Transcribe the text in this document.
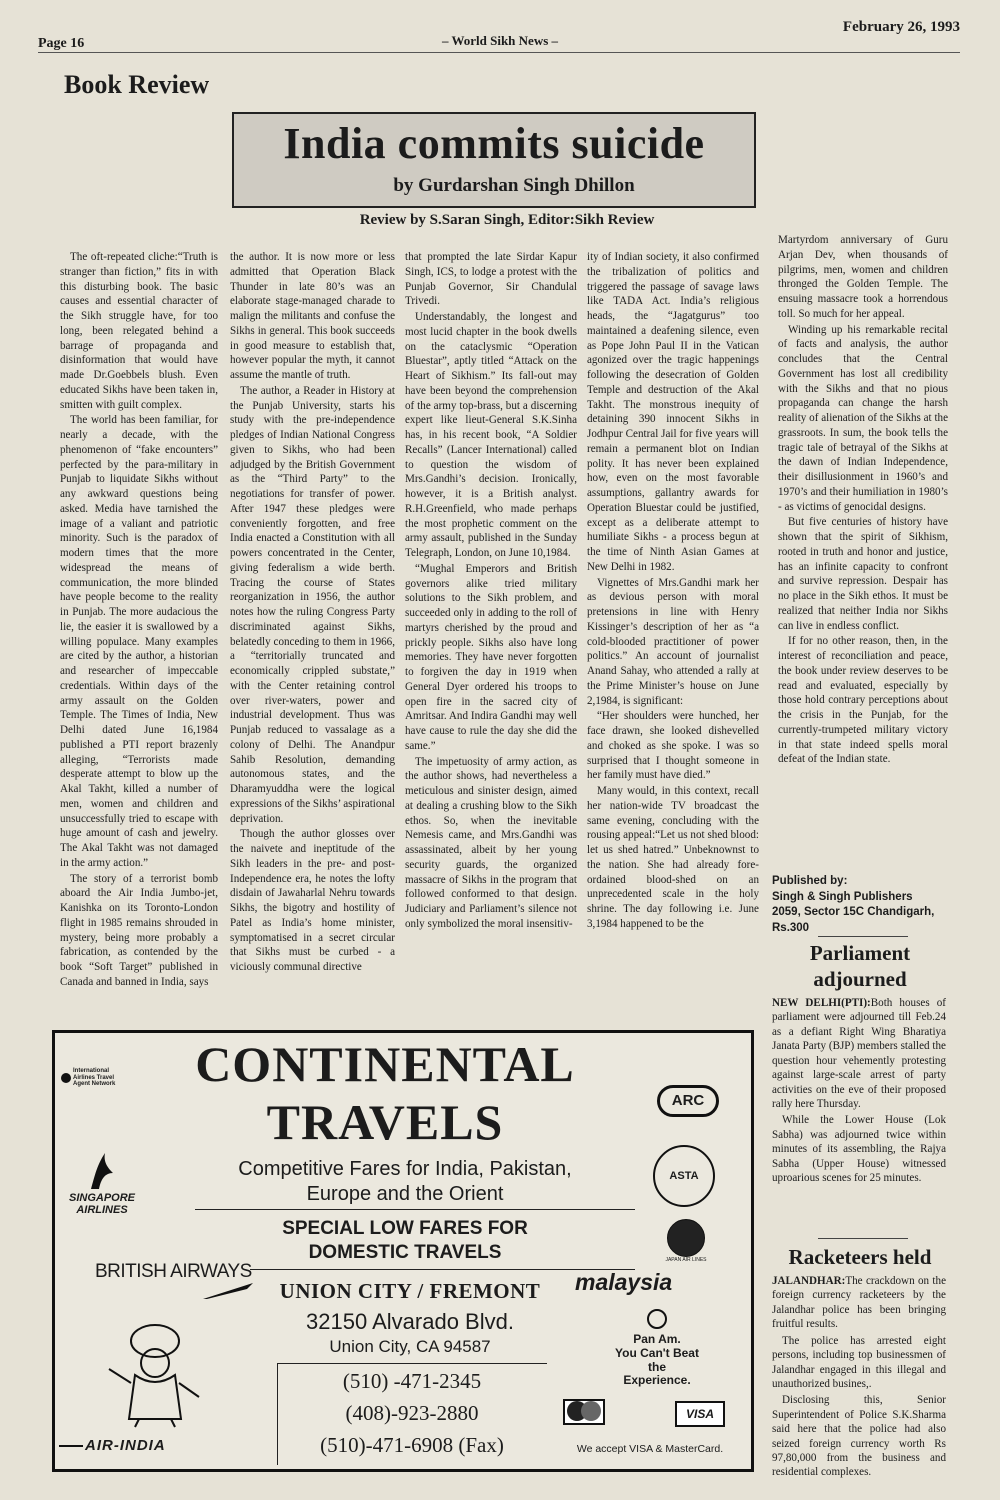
Page 16	– World Sikh News –
February 26, 1993
Book Review
India commits suicide
by Gurdarshan Singh Dhillon
Review by S.Saran Singh, Editor:Sikh Review

The oft-repeated cliche:“Truth is stranger than fiction,” fits in with this disturbing book. The basic causes and essential character of the Sikh struggle have, for too long, been relegated behind a barrage of propaganda and disinformation that would have made Dr.Goebbels blush. Even educated Sikhs have been taken in, smitten with guilt complex.

The world has been familiar, for nearly a decade, with the phenomenon of “fake encounters” perfected by the para-military in Punjab to liquidate Sikhs without any awkward questions being asked. Media have tarnished the image of a valiant and patriotic minority. Such is the paradox of modern times that the more widespread the means of communication, the more blinded have people become to the reality in Punjab. The more audacious the lie, the easier it is swallowed by a willing populace. Many examples are cited by the author, a historian and researcher of impeccable credentials. Within days of the army assault on the Golden Temple. The Times of India, New Delhi dated June 16,1984 published a PTI report brazenly alleging, “Terrorists made desperate attempt to blow up the Akal Takht, killed a number of men, women and children and unsuccessfully tried to escape with huge amount of cash and jewelry. The Akal Takht was not damaged in the army action.”

The story of a terrorist bomb aboard the Air India Jumbo-jet, Kanishka on its Toronto-London flight in 1985 remains shrouded in mystery, being more probably a fabrication, as contended by the book “Soft Target” published in Canada and banned in India, says

the author. It is now more or less admitted that Operation Black Thunder in late 80’s was an elaborate stage-managed charade to malign the militants and confuse the Sikhs in general. This book succeeds in good measure to establish that, however popular the myth, it cannot assume the mantle of truth.

The author, a Reader in History at the Punjab University, starts his study with the pre-independence pledges of Indian National Congress given to Sikhs, who had been adjudged by the British Government as the “Third Party” to the negotiations for transfer of power. After 1947 these pledges were conveniently forgotten, and free India enacted a Constitution with all powers concentrated in the Center, giving federalism a wide berth. Tracing the course of States reorganization in 1956, the author notes how the ruling Congress Party discriminated against Sikhs, belatedly conceding to them in 1966, a “territorially truncated and economically crippled substate,” with the Center retaining control over river-waters, power and industrial development. Thus was Punjab reduced to vassalage as a colony of Delhi. The Anandpur Sahib Resolution, demanding autonomous states, and the Dharamyuddha were the logical expressions of the Sikhs’ aspirational deprivation.

Though the author glosses over the naivete and ineptitude of the Sikh leaders in the pre- and post-Independence era, he notes the lofty disdain of Jawaharlal Nehru towards Sikhs, the bigotry and hostility of Patel as India’s home minister, symptomatised in a secret circular that Sikhs must be curbed - a viciously communal directive

that prompted the late Sirdar Kapur Singh, ICS, to lodge a protest with the Punjab Governor, Sir Chandulal Trivedi.

Understandably, the longest and most lucid chapter in the book dwells on the cataclysmic “Operation Bluestar”, aptly titled “Attack on the Heart of Sikhism.” Its fall-out may have been beyond the comprehension of the army top-brass, but a discerning expert like lieut-General S.K.Sinha has, in his recent book, “A Soldier Recalls” (Lancer International) called to question the wisdom of Mrs.Gandhi’s decision. Ironically, however, it is a British analyst. R.H.Greenfield, who made perhaps the most prophetic comment on the army assault, published in the Sunday Telegraph, London, on June 10,1984.

“Mughal Emperors and British governors alike tried military solutions to the Sikh problem, and succeeded only in adding to the roll of martyrs cherished by the proud and prickly people. Sikhs also have long memories. They have never forgotten to forgiven the day in 1919 when General Dyer ordered his troops to open fire in the sacred city of Amritsar. And Indira Gandhi may well have cause to rule the day she did the same.”

The impetuosity of army action, as the author shows, had nevertheless a meticulous and sinister design, aimed at dealing a crushing blow to the Sikh ethos. So, when the inevitable Nemesis came, and Mrs.Gandhi was assassinated, albeit by her young security guards, the organized massacre of Sikhs in the program that followed conformed to that design. Judiciary and Parliament’s silence not only symbolized the moral insensitiv-

ity of Indian society, it also confirmed the tribalization of politics and triggered the passage of savage laws like TADA Act. India’s religious heads, the “Jagatgurus” too maintained a deafening silence, even as Pope John Paul II in the Vatican agonized over the tragic happenings following the desecration of Golden Temple and destruction of the Akal Takht. The monstrous inequity of detaining 390 innocent Sikhs in Jodhpur Central Jail for five years will remain a permanent blot on Indian polity. It has never been explained how, even on the most favorable assumptions, gallantry awards for Operation Bluestar could be justified, except as a deliberate attempt to humiliate Sikhs - a process begun at the time of Ninth Asian Games at New Delhi in 1982.

Vignettes of Mrs.Gandhi mark her as devious person with moral pretensions in line with Henry Kissinger’s description of her as “a cold-blooded practitioner of power politics.” An account of journalist Anand Sahay, who attended a rally at the Prime Minister’s house on June 2,1984, is significant:

“Her shoulders were hunched, her face drawn, she looked dishevelled and choked as she spoke. I was so surprised that I thought someone in her family must have died.”

Many would, in this context, recall her nation-wide TV broadcast the same evening, concluding with the rousing appeal:“Let us not shed blood: let us shed hatred.” Unbeknownst to the nation. She had already fore-ordained blood-shed on an unprecedented scale in the holy shrine. The day following i.e. June 3,1984 happened to be the

Martyrdom anniversary of Guru Arjan Dev, when thousands of pilgrims, men, women and children thronged the Golden Temple. The ensuing massacre took a horrendous toll. So much for her appeal.

Winding up his remarkable recital of facts and analysis, the author concludes that the Central Government has lost all credibility with the Sikhs and that no pious propaganda can change the harsh reality of alienation of the Sikhs at the grassroots. In sum, the book tells the tragic tale of betrayal of the Sikhs at the dawn of Indian Independence, their disillusionment in 1960’s and 1970’s and their humiliation in 1980’s - as victims of genocidal designs.

But five centuries of history have shown that the spirit of Sikhism, rooted in truth and honor and justice, has an infinite capacity to confront and survive repression. Despair has no place in the Sikh ethos. It must be realized that neither India nor Sikhs can live in endless conflict.

If for no other reason, then, in the interest of reconciliation and peace, the book under review deserves to be read and evaluated, especially by those hold contrary perceptions about the crisis in the Punjab, for the currently-trumpeted military victory in that state indeed spells moral defeat of the Indian state.

Published by:
Singh & Singh Publishers
2059, Sector 15C Chandigarh,
Rs.300
Parliament adjourned

NEW DELHI(PTI):Both houses of parliament were adjourned till Feb.24 as a defiant Right Wing Bharatiya Janata Party (BJP) members stalled the question hour vehemently protesting against large-scale arrest of party activities on the eve of their proposed rally here Thursday.

While the Lower House (Lok Sabha) was adjourned twice within minutes of its assembling, the Rajya Sabha (Upper House) witnessed uproarious scenes for 25 minutes.

Racketeers held

JALANDHAR:The crackdown on the foreign currency racketeers by the Jalandhar police has been bringing fruitful results.

The police has arrested eight persons, including top businessmen of Jalandhar engaged in this illegal and unauthorized busines,.

Disclosing this, Senior Superintendent of Police S.K.Sharma said here that the police had also seized foreign currency worth Rs 97,80,000 from the business and residential complexes.

International Airlines Travel Agent Network	CONTINENTAL
TRAVELS	ARC
Competitive Fares for India, Pakistan,
Europe and the Orient
ASTA
SINGAPORE AIRLINES
SPECIAL LOW FARES FOR
DOMESTIC TRAVELS	JAPAN AIR LINES
BRITISH AIRWAYS
UNION CITY / FREMONT	malaysia
32150 Alvarado Blvd.
Union City, CA 94587	Pan Am.
You Can't Beat
the
Experience.
(510) -471-2345
(408)-923-2880
(510)-471-6908 (Fax)
AIR-INDIA
VISA
We accept VISA & MasterCard.
